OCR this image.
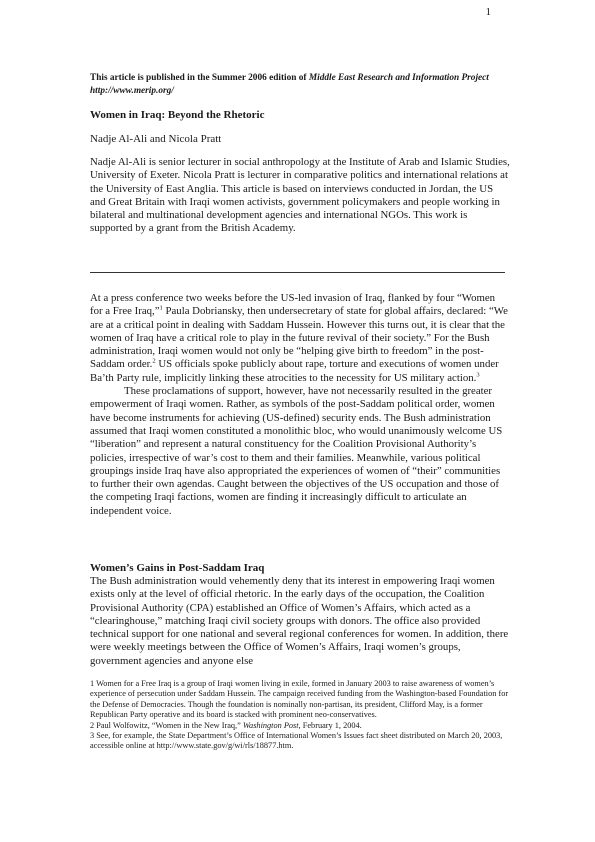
1
This article is published in the Summer 2006 edition of Middle East Research and Information Project http://www.merip.org/
Women in Iraq: Beyond the Rhetoric
Nadje Al-Ali and Nicola Pratt
Nadje Al-Ali is senior lecturer in social anthropology at the Institute of Arab and Islamic Studies, University of Exeter. Nicola Pratt is lecturer in comparative politics and international relations at the University of East Anglia. This article is based on interviews conducted in Jordan, the US and Great Britain with Iraqi women activists, government policymakers and people working in bilateral and multinational development agencies and international NGOs. This work is supported by a grant from the British Academy.

At a press conference two weeks before the US-led invasion of Iraq, flanked by four “Women for a Free Iraq,”$^1$ Paula Dobriansky, then undersecretary of state for global affairs, declared: “We are at a critical point in dealing with Saddam Hussein. However this turns out, it is clear that the women of Iraq have a critical role to play in the future revival of their society.” For the Bush administration, Iraqi women would not only be “helping give birth to freedom” in the post-Saddam order.$^2$ US officials spoke publicly about rape, torture and executions of women under Ba’th Party rule, implicitly linking these atrocities to the necessity for US military action.$^3$

These proclamations of support, however, have not necessarily resulted in the greater empowerment of Iraqi women. Rather, as symbols of the post-Saddam political order, women have become instruments for achieving (US-defined) security ends. The Bush administration assumed that Iraqi women constituted a monolithic bloc, who would unanimously welcome US “liberation” and represent a natural constituency for the Coalition Provisional Authority’s policies, irrespective of war’s cost to them and their families. Meanwhile, various political groupings inside Iraq have also appropriated the experiences of women of “their” communities to further their own agendas. Caught between the objectives of the US occupation and those of the competing Iraqi factions, women are finding it increasingly difficult to articulate an independent voice.

Women’s Gains in Post-Saddam Iraq
The Bush administration would vehemently deny that its interest in empowering Iraqi women exists only at the level of official rhetoric. In the early days of the occupation, the Coalition Provisional Authority (CPA) established an Office of Women’s Affairs, which acted as a “clearinghouse,” matching Iraqi civil society groups with donors. The office also provided technical support for one national and several regional conferences for women. In addition, there were weekly meetings between the Office of Women’s Affairs, Iraqi women’s groups, government agencies and anyone else
1 Women for a Free Iraq is a group of Iraqi women living in exile, formed in January 2003 to raise awareness of women’s experience of persecution under Saddam Hussein. The campaign received funding from the Washington-based Foundation for the Defense of Democracies. Though the foundation is nominally non-partisan, its president, Clifford May, is a former Republican Party operative and its board is stacked with prominent neo-conservatives.
2 Paul Wolfowitz, “Women in the New Iraq,” Washington Post, February 1, 2004.
3 See, for example, the State Department’s Office of International Women’s Issues fact sheet distributed on March 20, 2003, accessible online at http://www.state.gov/g/wi/rls/18877.htm.
